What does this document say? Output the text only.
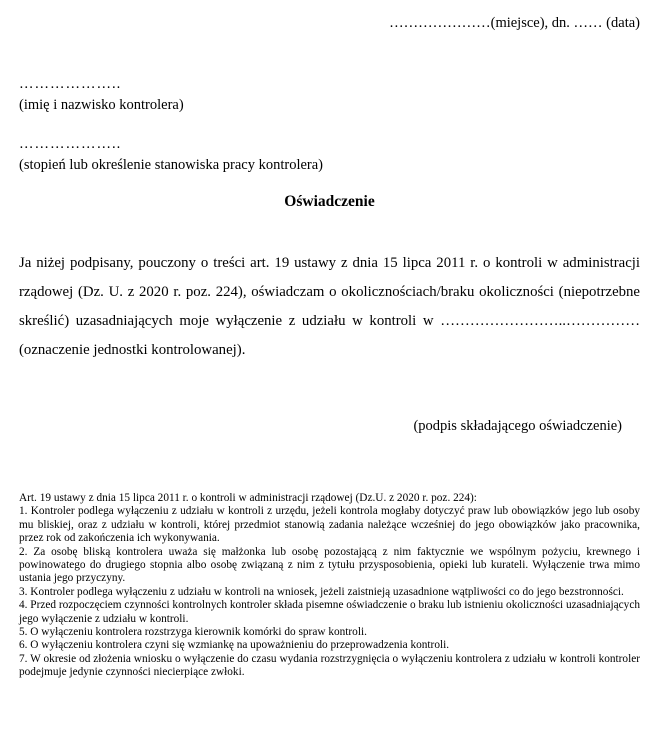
…………………(miejsce), dn. …… (data)
………………..
(imię i nazwisko kontrolera)
………………..
(stopień lub określenie stanowiska pracy kontrolera)
Oświadczenie

Ja niżej podpisany, pouczony o treści art. 19 ustawy z dnia 15 lipca 2011 r. o kontroli w administracji rządowej (Dz. U. z 2020 r. poz. 224), oświadczam o okolicznościach/braku okoliczności (niepotrzebne skreślić) uzasadniających moje wyłączenie z udziału w kontroli w ……………………..…………… (oznaczenie jednostki kontrolowanej).

(podpis składającego oświadczenie)
Art. 19 ustawy z dnia 15 lipca 2011 r. o kontroli w administracji rządowej (Dz.U. z 2020 r. poz. 224):

1. Kontroler podlega wyłączeniu z udziału w kontroli z urzędu, jeżeli kontrola mogłaby dotyczyć praw lub obowiązków jego lub osoby mu bliskiej, oraz z udziału w kontroli, której przedmiot stanowią zadania należące wcześniej do jego obowiązków jako pracownika, przez rok od zakończenia ich wykonywania.

2. Za osobę bliską kontrolera uważa się małżonka lub osobę pozostającą z nim faktycznie we wspólnym pożyciu, krewnego i powinowatego do drugiego stopnia albo osobę związaną z nim z tytułu przysposobienia, opieki lub kurateli. Wyłączenie trwa mimo ustania jego przyczyny.

3. Kontroler podlega wyłączeniu z udziału w kontroli na wniosek, jeżeli zaistnieją uzasadnione wątpliwości co do jego bezstronności.

4. Przed rozpoczęciem czynności kontrolnych kontroler składa pisemne oświadczenie o braku lub istnieniu okoliczności uzasadniających jego wyłączenie z udziału w kontroli.

5. O wyłączeniu kontrolera rozstrzyga kierownik komórki do spraw kontroli.

6. O wyłączeniu kontrolera czyni się wzmiankę na upoważnieniu do przeprowadzenia kontroli.

7. W okresie od złożenia wniosku o wyłączenie do czasu wydania rozstrzygnięcia o wyłączeniu kontrolera z udziału w kontroli kontroler podejmuje jedynie czynności niecierpiące zwłoki.
